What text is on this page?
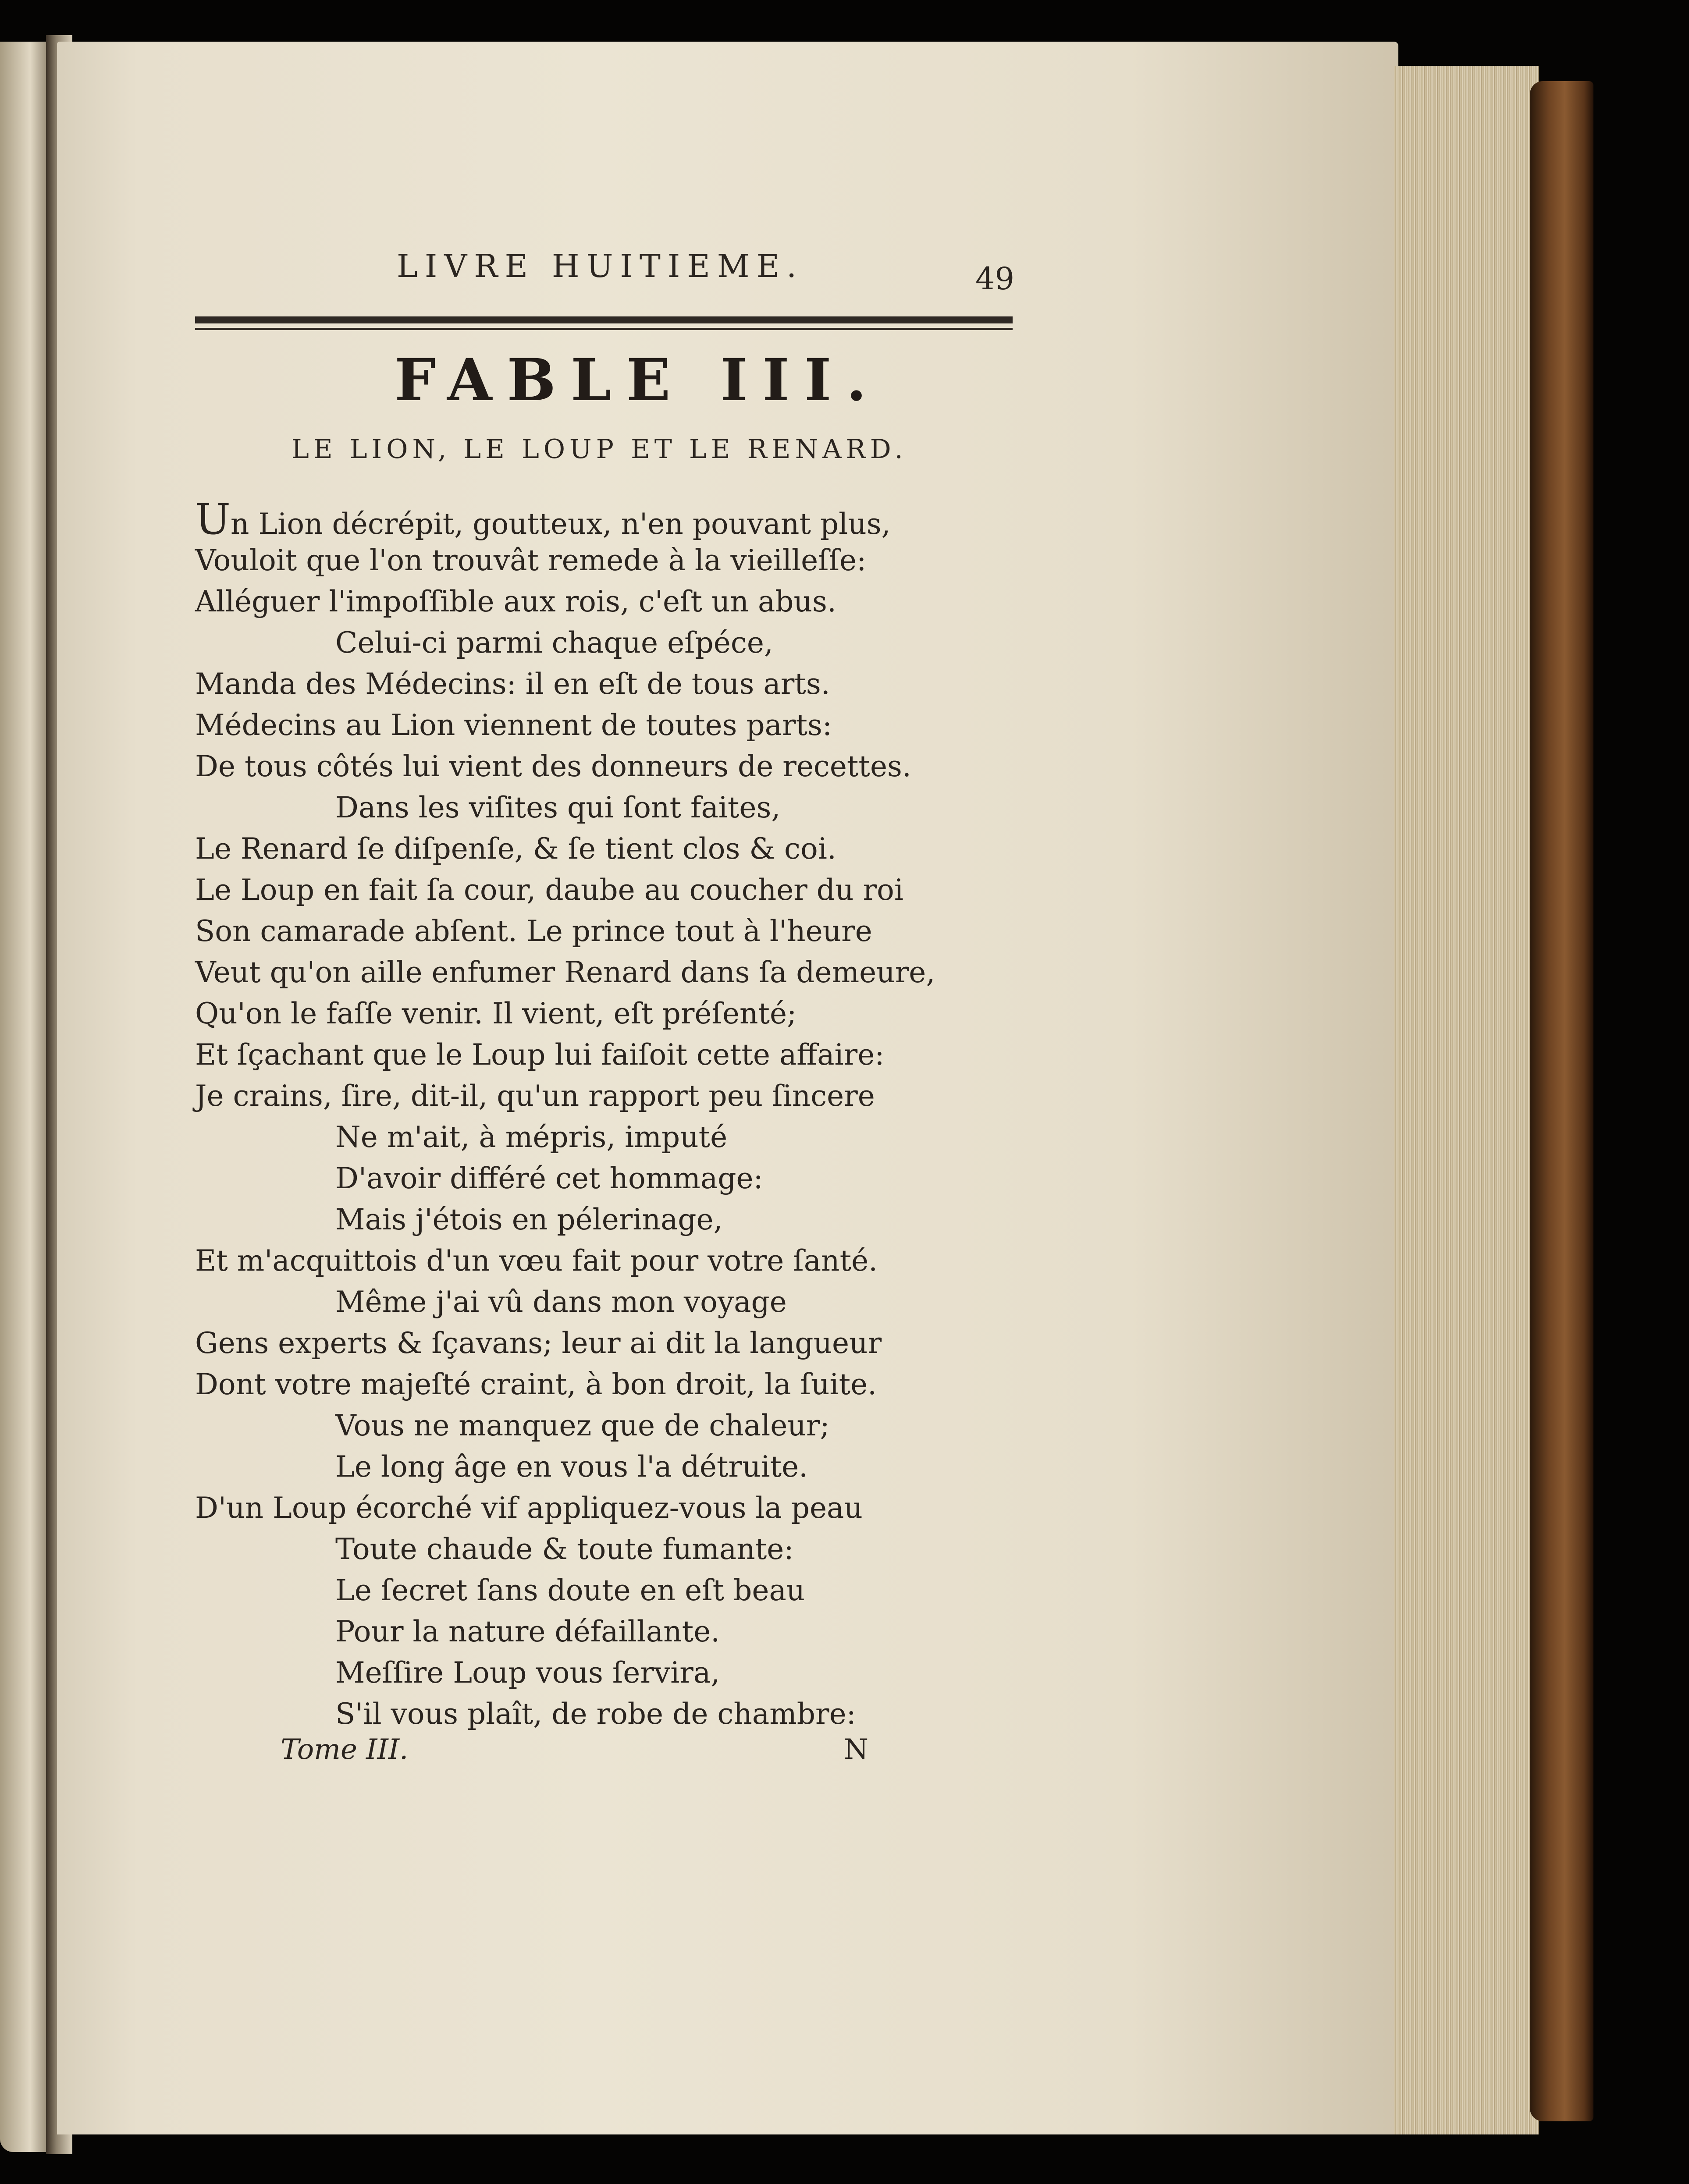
LIVRE HUITIEME.	49
FABLE III.
LE LION, LE LOUP ET LE RENARD.
Un Lion décrépit, goutteux, n'en pouvant plus,
Vouloit que l'on trouvât remede à la vieilleſſe:
Alléguer l'impoſſible aux rois, c'eſt un abus.
Celui-ci parmi chaque eſpéce,
Manda des Médecins: il en eſt de tous arts.
Médecins au Lion viennent de toutes parts:
De tous côtés lui vient des donneurs de recettes.
Dans les viſites qui ſont faites,
Le Renard ſe diſpenſe, & ſe tient clos & coi.
Le Loup en fait ſa cour, daube au coucher du roi
Son camarade abſent. Le prince tout à l'heure
Veut qu'on aille enfumer Renard dans ſa demeure,
Qu'on le faſſe venir. Il vient, eſt préſenté;
Et ſçachant que le Loup lui faiſoit cette affaire:
Je crains, ſire, dit-il, qu'un rapport peu ſincere
Ne m'ait, à mépris, imputé
D'avoir différé cet hommage:
Mais j'étois en pélerinage,
Et m'acquittois d'un vœu fait pour votre ſanté.
Même j'ai vû dans mon voyage
Gens experts & ſçavans; leur ai dit la langueur
Dont votre majeſté craint, à bon droit, la ſuite.
Vous ne manquez que de chaleur;
Le long âge en vous l'a détruite.
D'un Loup écorché vif appliquez-vous la peau
Toute chaude & toute fumante:
Le ſecret ſans doute en eſt beau
Pour la nature défaillante.
Meſſire Loup vous ſervira,
S'il vous plaît, de robe de chambre:
Tome III.	N
